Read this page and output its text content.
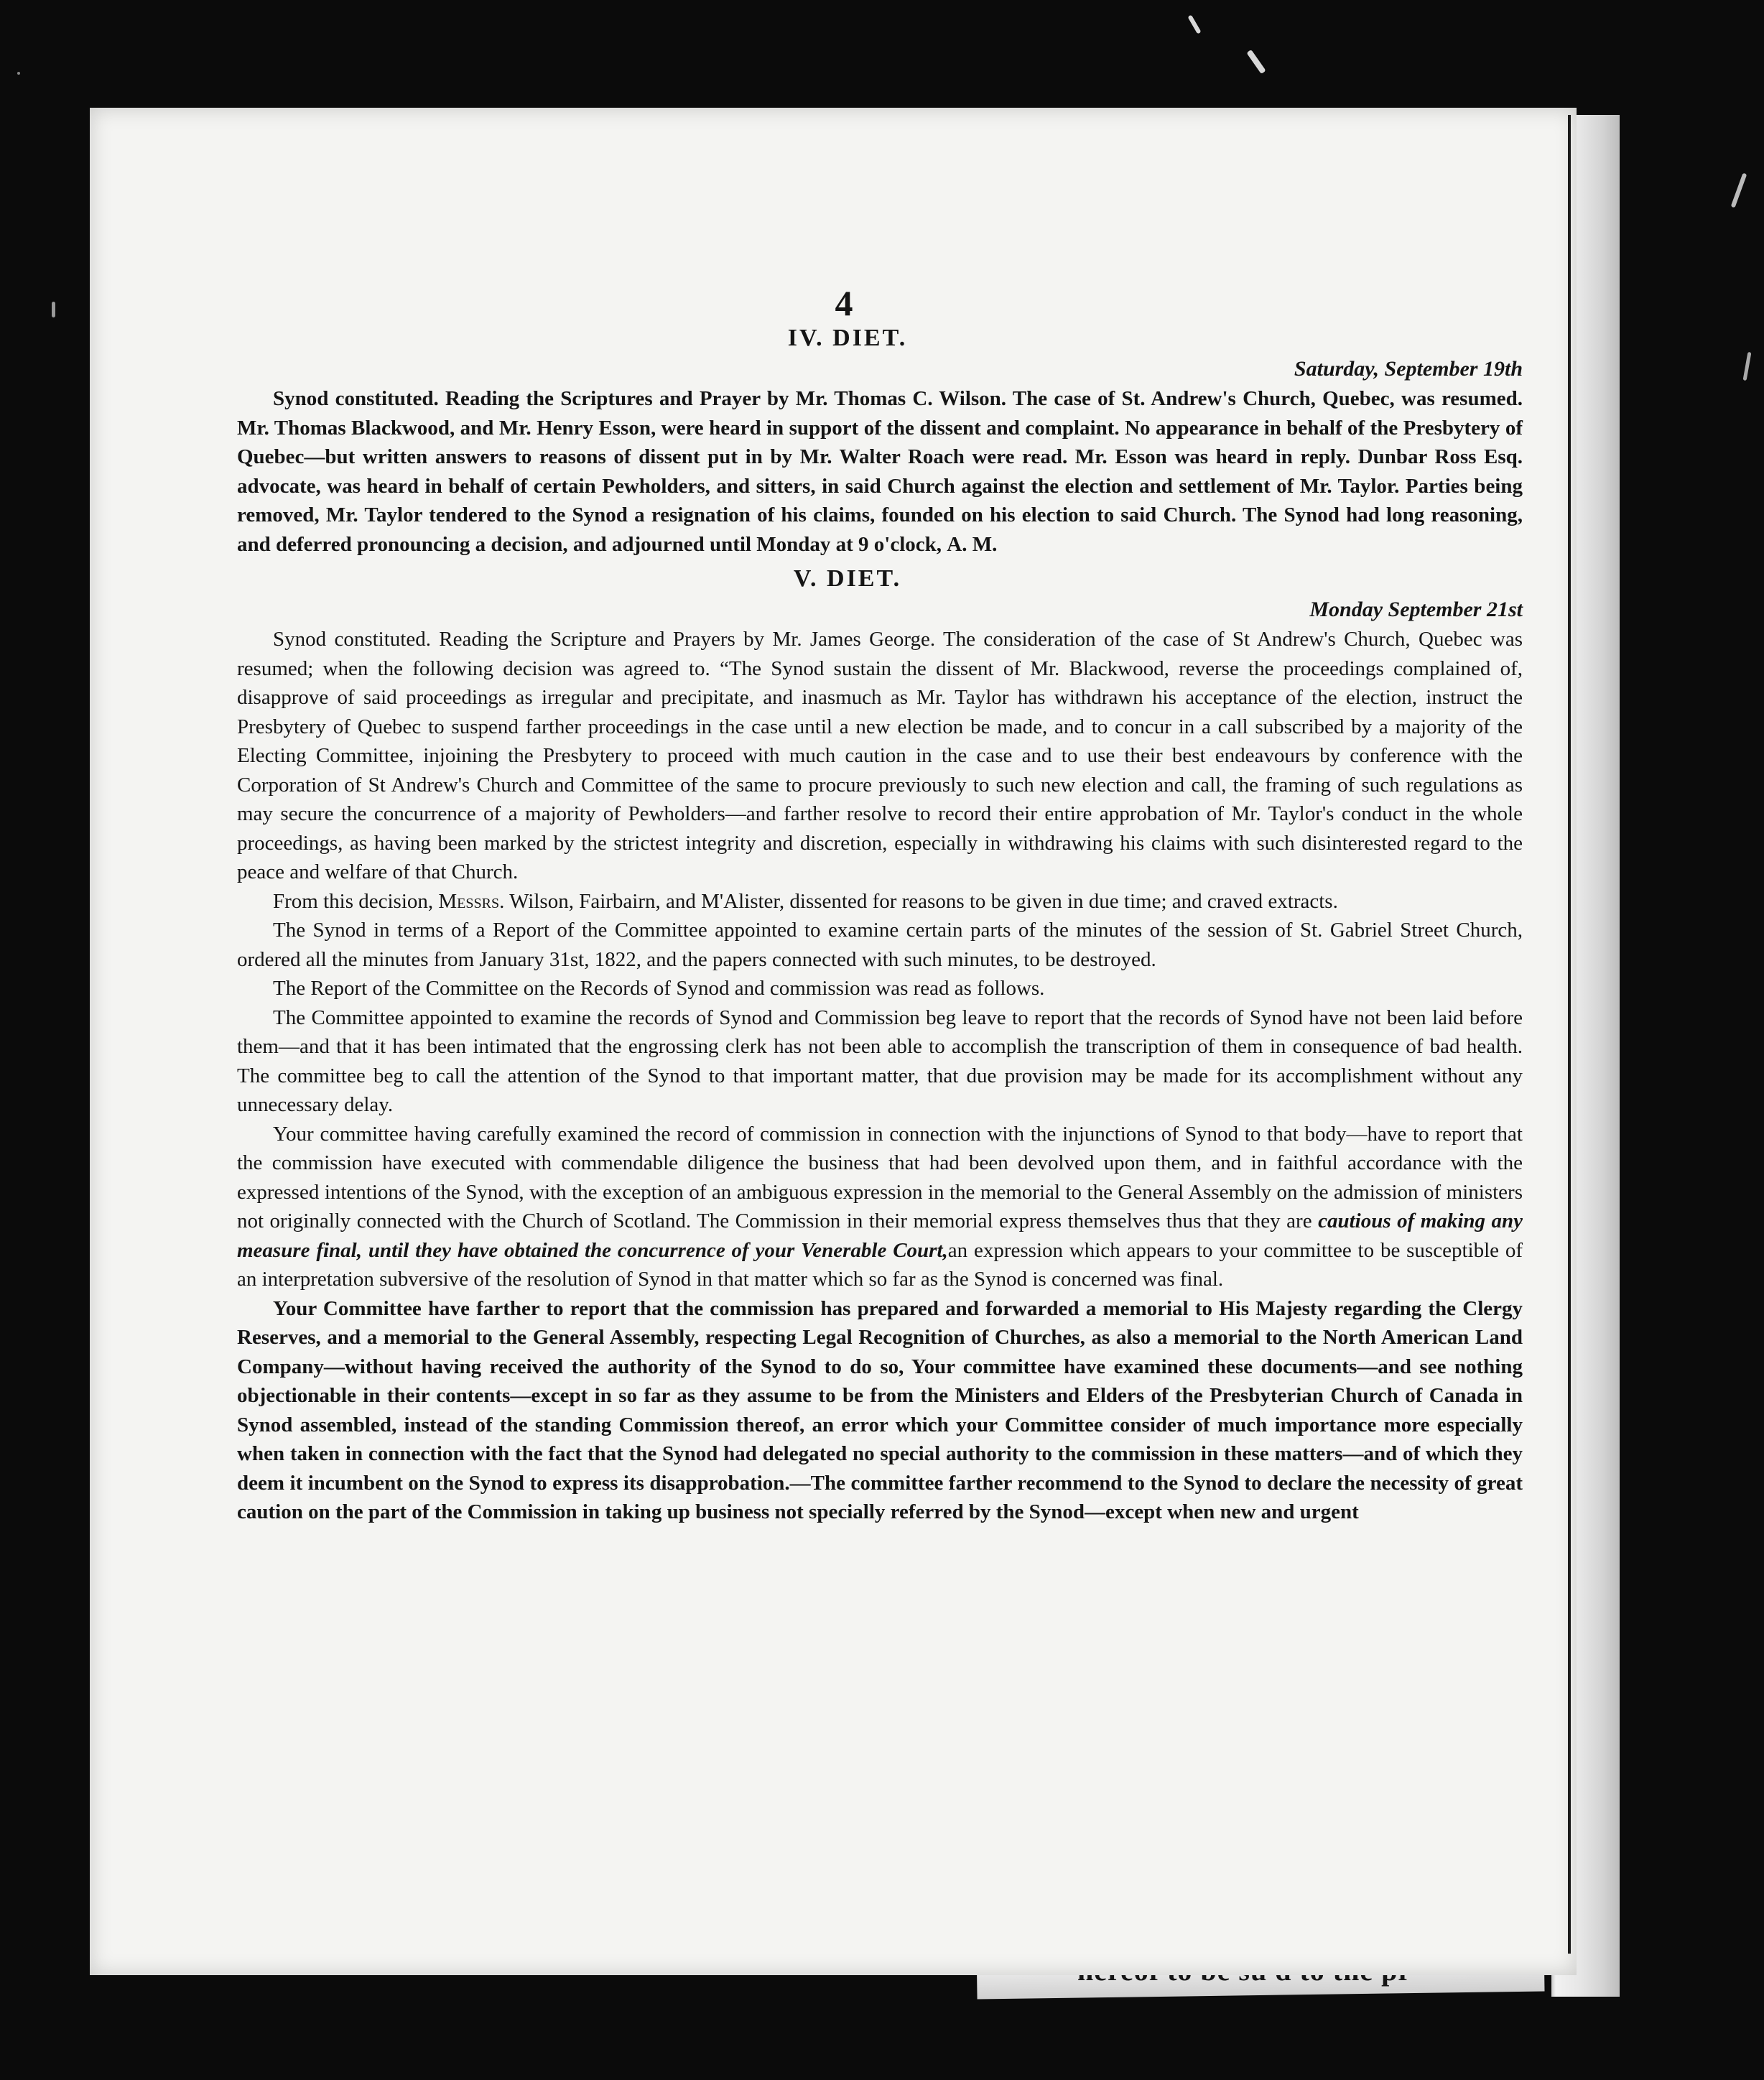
4
IV. DIET.
Saturday, September 19th

Synod constituted. Reading the Scriptures and Prayer by Mr. Thomas C. Wilson. The case of St. Andrew's Church, Quebec, was resumed. Mr. Thomas Blackwood, and Mr. Henry Esson, were heard in support of the dissent and complaint. No appearance in behalf of the Presbytery of Quebec—but written answers to reasons of dissent put in by Mr. Walter Roach were read. Mr. Esson was heard in reply. Dunbar Ross Esq. advocate, was heard in behalf of certain Pewholders, and sitters, in said Church against the election and settlement of Mr. Taylor. Parties being removed, Mr. Taylor tendered to the Synod a resignation of his claims, founded on his election to said Church. The Synod had long reasoning, and deferred pronouncing a decision, and adjourned until Monday at 9 o'clock, A. M.

V. DIET.
Monday September 21st

Synod constituted. Reading the Scripture and Prayers by Mr. James George. The consideration of the case of St Andrew's Church, Quebec was resumed; when the following decision was agreed to. “The Synod sustain the dissent of Mr. Blackwood, reverse the proceedings complained of, disapprove of said proceedings as irregular and precipitate, and inasmuch as Mr. Taylor has withdrawn his acceptance of the election, instruct the Presbytery of Quebec to suspend farther proceedings in the case until a new election be made, and to concur in a call subscribed by a majority of the Electing Committee, injoining the Presbytery to proceed with much caution in the case and to use their best endeavours by conference with the Corporation of St Andrew's Church and Committee of the same to procure previously to such new election and call, the framing of such regulations as may secure the concurrence of a majority of Pewholders—and farther resolve to record their entire approbation of Mr. Taylor's conduct in the whole proceedings, as having been marked by the strictest integrity and discretion, especially in withdrawing his claims with such disinterested regard to the peace and welfare of that Church.

From this decision, Messrs. Wilson, Fairbairn, and M'Alister, dissented for reasons to be given in due time; and craved extracts.

The Synod in terms of a Report of the Committee appointed to examine certain parts of the minutes of the session of St. Gabriel Street Church, ordered all the minutes from January 31st, 1822, and the papers connected with such minutes, to be destroyed.

The Report of the Committee on the Records of Synod and commission was read as follows.

The Committee appointed to examine the records of Synod and Commission beg leave to report that the records of Synod have not been laid before them—and that it has been intimated that the engrossing clerk has not been able to accomplish the transcription of them in consequence of bad health. The committee beg to call the attention of the Synod to that important matter, that due provision may be made for its accomplishment without any unnecessary delay.

Your committee having carefully examined the record of commission in connection with the injunctions of Synod to that body—have to report that the commission have executed with commendable diligence the business that had been devolved upon them, and in faithful accordance with the expressed intentions of the Synod, with the exception of an ambiguous expression in the memorial to the General Assembly on the admission of ministers not originally connected with the Church of Scotland. The Commission in their memorial express themselves thus that they are cautious of making any measure final, until they have obtained the concurrence of your Venerable Court,an expression which appears to your committee to be susceptible of an interpretation subversive of the resolution of Synod in that matter which so far as the Synod is concerned was final.

Your Committee have farther to report that the commission has prepared and forwarded a memorial to His Majesty regarding the Clergy Reserves, and a memorial to the General Assembly, respecting Legal Recognition of Churches, as also a memorial to the North American Land Company—without having received the authority of the Synod to do so, Your committee have examined these documents—and see nothing objectionable in their contents—except in so far as they assume to be from the Ministers and Elders of the Presbyterian Church of Canada in Synod assembled, instead of the standing Commission thereof, an error which your Committee consider of much importance more especially when taken in connection with the fact that the Synod had delegated no special authority to the commission in these matters—and of which they deem it incumbent on the Synod to express its disapprobation.—The committee farther recommend to the Synod to declare the necessity of great caution on the part of the Commission in taking up business not specially referred by the Synod—except when new and urgent
